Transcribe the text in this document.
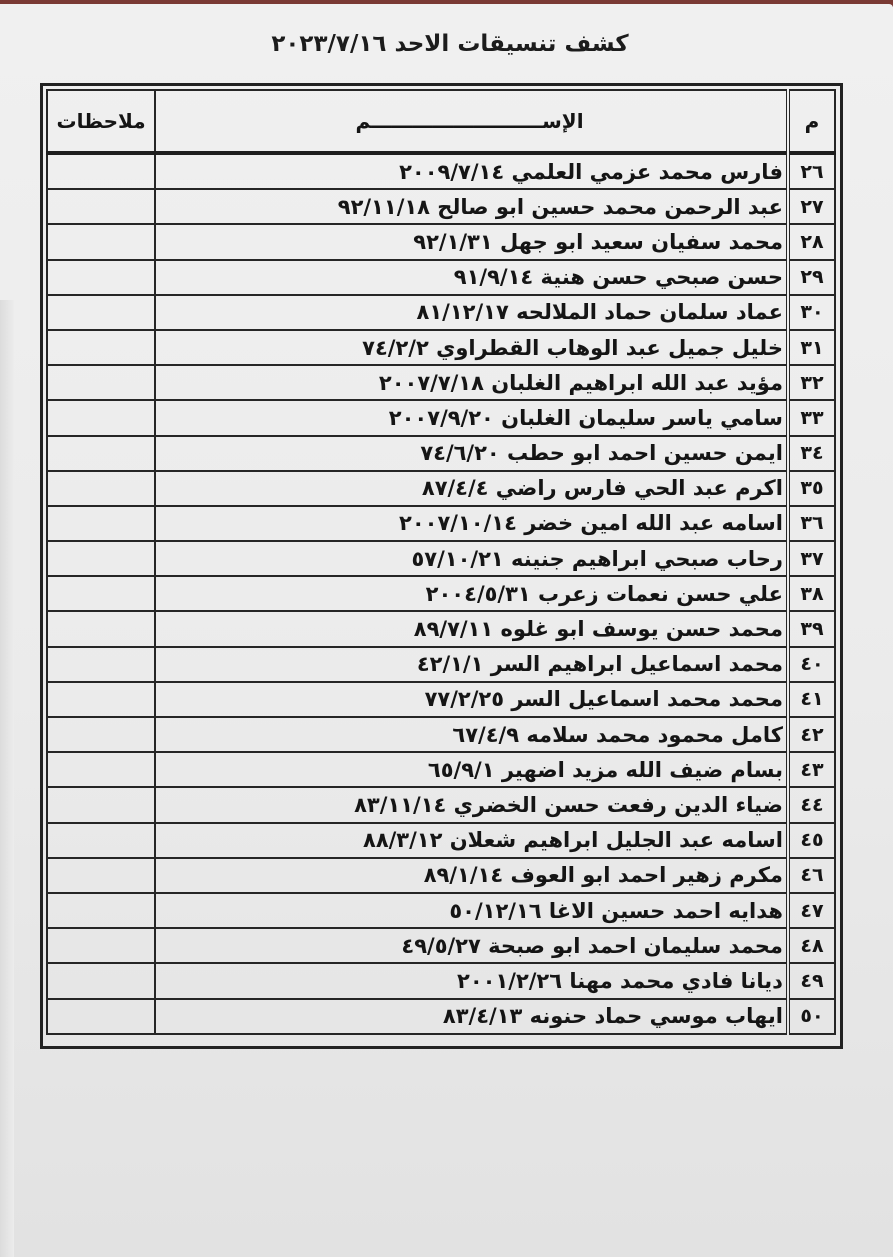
كشف تنسيقات الاحد ٢٠٢٣/٧/١٦
م	الإســـــــــــــــــــــــــم	ملاحظات
٢٦	فارس محمد عزمي العلمي ٢٠٠٩/٧/١٤	
٢٧	عبد الرحمن محمد حسين ابو صالح ٩٢/١١/١٨	
٢٨	محمد سفيان سعيد ابو جهل ٩٢/١/٣١	
٢٩	حسن صبحي حسن هنية ٩١/٩/١٤	
٣٠	عماد سلمان حماد الملالحه ٨١/١٢/١٧	
٣١	خليل جميل عبد الوهاب القطراوي ٧٤/٢/٢	
٣٢	مؤيد عبد الله ابراهيم الغلبان ٢٠٠٧/٧/١٨	
٣٣	سامي ياسر سليمان الغلبان ٢٠٠٧/٩/٢٠	
٣٤	ايمن حسين احمد ابو حطب ٧٤/٦/٢٠	
٣٥	اكرم عبد الحي فارس راضي ٨٧/٤/٤	
٣٦	اسامه عبد الله امين خضر ٢٠٠٧/١٠/١٤	
٣٧	رحاب صبحي ابراهيم جنينه ٥٧/١٠/٢١	
٣٨	علي حسن نعمات زعرب ٢٠٠٤/٥/٣١	
٣٩	محمد حسن يوسف ابو غلوه ٨٩/٧/١١	
٤٠	محمد اسماعيل ابراهيم السر ٤٢/١/١	
٤١	محمد محمد اسماعيل السر ٧٧/٢/٢٥	
٤٢	كامل محمود محمد سلامه ٦٧/٤/٩	
٤٣	بسام ضيف الله مزيد اضهير ٦٥/٩/١	
٤٤	ضياء الدين رفعت حسن الخضري ٨٣/١١/١٤	
٤٥	اسامه عبد الجليل ابراهيم شعلان ٨٨/٣/١٢	
٤٦	مكرم زهير احمد ابو العوف ٨٩/١/١٤	
٤٧	هدايه احمد حسين الاغا ٥٠/١٢/١٦	
٤٨	محمد سليمان احمد ابو صبحة ٤٩/٥/٢٧	
٤٩	ديانا فادي محمد مهنا ٢٠٠١/٢/٢٦	
٥٠	ايهاب موسي حماد حنونه ٨٣/٤/١٣	
